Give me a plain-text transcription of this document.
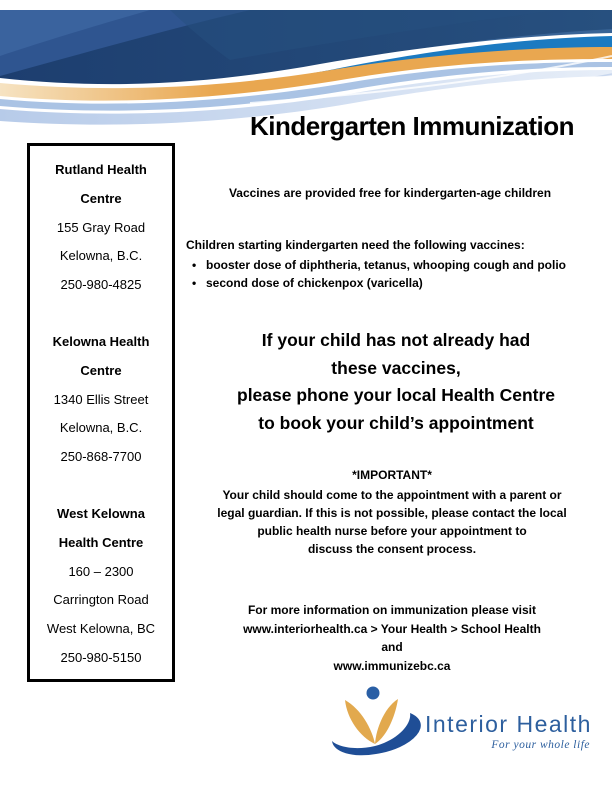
Kindergarten Immunization
Rutland Health
Centre
155 Gray Road
Kelowna, B.C.
250-980-4825
Kelowna Health
Centre
1340 Ellis Street
Kelowna, B.C.
250-868-7700
West Kelowna
Health Centre
160 – 2300
Carrington Road
West Kelowna, BC
250-980-5150
Vaccines are provided free for kindergarten-age children
Children starting kindergarten need the following vaccines:
• booster dose of diphtheria, tetanus, whooping cough and polio
• second dose of chickenpox (varicella)
If your child has not already had
these vaccines,
please phone your local Health Centre
to book your child’s appointment
*IMPORTANT*
Your child should come to the appointment with a parent or
legal guardian. If this is not possible, please contact the local
public health nurse before your appointment to
discuss the consent process.
For more information on immunization please visit
www.interiorhealth.ca > Your Health > School Health
and
www.immunizebc.ca
Interior Health
For your whole life
